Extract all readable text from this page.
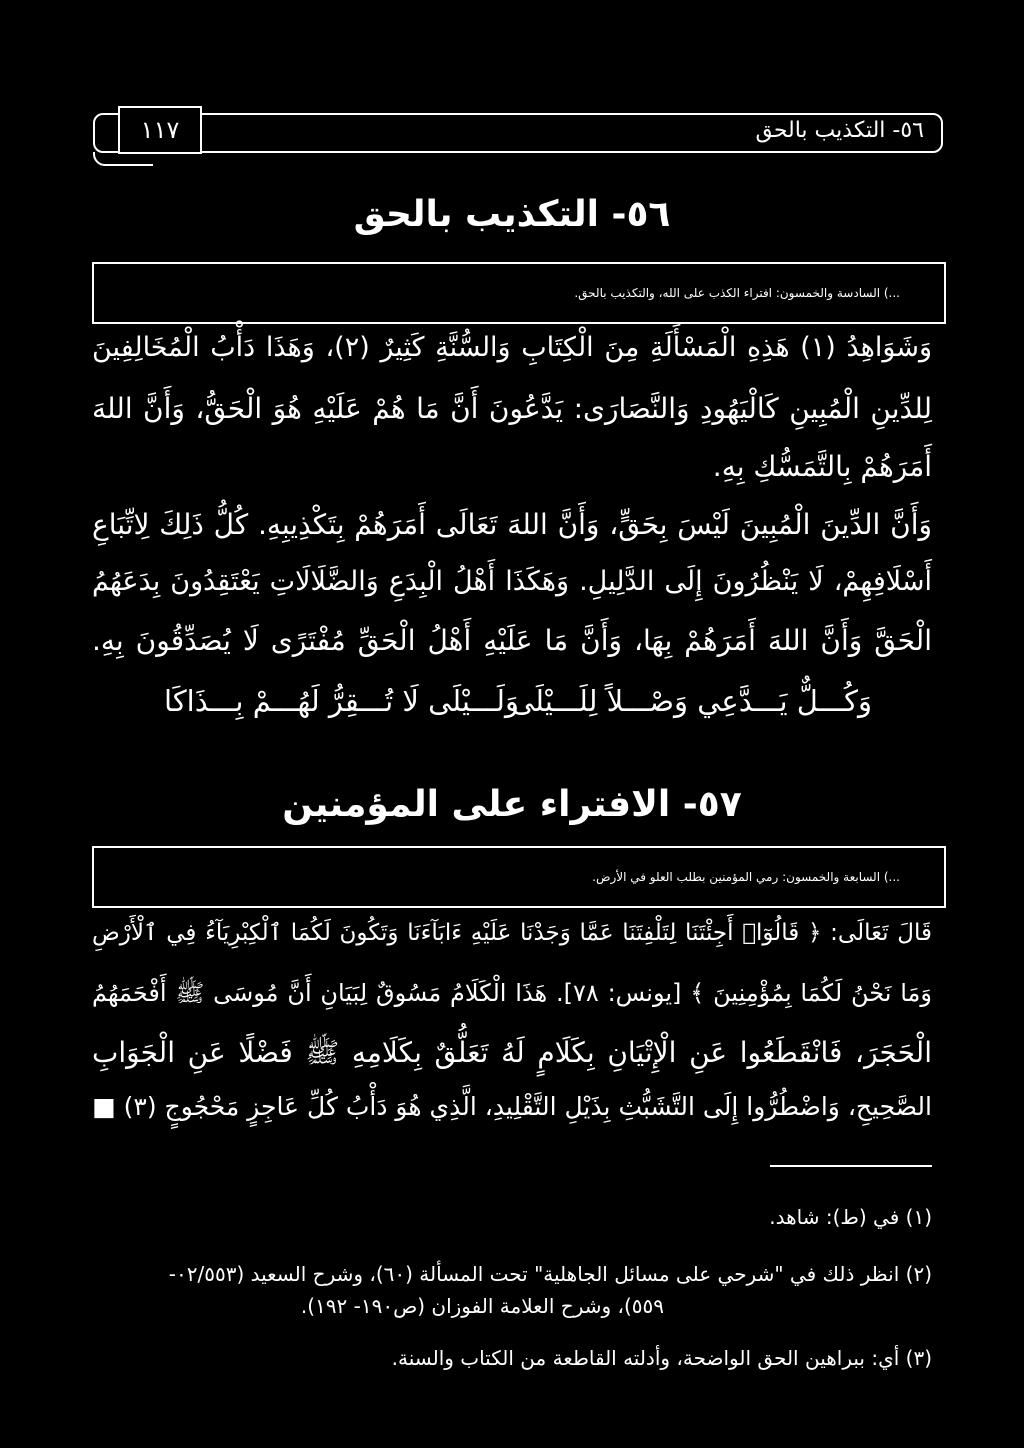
١١٧	٥٦- التكذيب بالحق
٥٦- التكذيب بالحق
...) السادسة والخمسون: افتراء الكذب على الله، والتكذيب بالحق.
وَشَوَاهِدُ (١) هَذِهِ الْمَسْأَلَةِ مِنَ الْكِتَابِ وَالسُّنَّةِ كَثِيرٌ (٢)، وَهَذَا دَأْبُ الْمُخَالِفِينَ
لِلدِّينِ الْمُبِينِ كَالْيَهُودِ وَالنَّصَارَى: يَدَّعُونَ أَنَّ مَا هُمْ عَلَيْهِ هُوَ الْحَقُّ، وَأَنَّ اللهَ
أَمَرَهُمْ بِالتَّمَسُّكِ بِهِ.
وَأَنَّ الدِّينَ الْمُبِينَ لَيْسَ بِحَقٍّ، وَأَنَّ اللهَ تَعَالَى أَمَرَهُمْ بِتَكْذِيبِهِ. كُلُّ ذَلِكَ لِاتِّبَاعِ
أَسْلَافِهِمْ، لَا يَنْظُرُونَ إِلَى الدَّلِيلِ. وَهَكَذَا أَهْلُ الْبِدَعِ وَالضَّلَالَاتِ يَعْتَقِدُونَ بِدَعَهُمُ
الْحَقَّ وَأَنَّ اللهَ أَمَرَهُمْ بِهَا، وَأَنَّ مَا عَلَيْهِ أَهْلُ الْحَقِّ مُفْتَرًى لَا يُصَدِّقُونَ بِهِ.
وَكُـــلٌّ يَـــدَّعِي وَصْـــلاً لِلَـــيْلَى
وَلَـــيْلَى لَا تُـــقِرُّ لَهُـــمْ بِـــذَاكَا
٥٧- الافتراء على المؤمنين
...) السابعة والخمسون: رمي المؤمنين بطلب العلو في الأرض.
قَالَ تَعَالَى: ﴿ قَالُوٓا۟ أَجِئْتَنَا لِتَلْفِتَنَا عَمَّا وَجَدْنَا عَلَيْهِ ءَابَآءَنَا وَتَكُونَ لَكُمَا ٱلْكِبْرِيَآءُ فِي ٱلْأَرْضِ
وَمَا نَحْنُ لَكُمَا بِمُؤْمِنِينَ ﴾ [يونس: ٧٨]. هَذَا الْكَلَامُ مَسُوقٌ لِبَيَانِ أَنَّ مُوسَى ﷺ أَفْحَمَهُمُ
الْحَجَرَ، فَانْقَطَعُوا عَنِ الْإِتْيَانِ بِكَلَامٍ لَهُ تَعَلُّقٌ بِكَلَامِهِ ﷺ فَضْلًا عَنِ الْجَوَابِ
الصَّحِيحِ، وَاضْطُرُّوا إِلَى التَّشَبُّثِ بِذَيْلِ التَّقْلِيدِ، الَّذِي هُوَ دَأْبُ كُلِّ عَاجِزٍ مَحْجُوجٍ (٣) ■
(١) في (ط): شاهد.
(٢) انظر ذلك في "شرحي على مسائل الجاهلية" تحت المسألة (٦٠)، وشرح السعيد (٠٢/٥٥٣-
٥٥٩)، وشرح العلامة الفوزان (ص١٩٠- ١٩٢).
(٣) أي: ببراهين الحق الواضحة، وأدلته القاطعة من الكتاب والسنة.
